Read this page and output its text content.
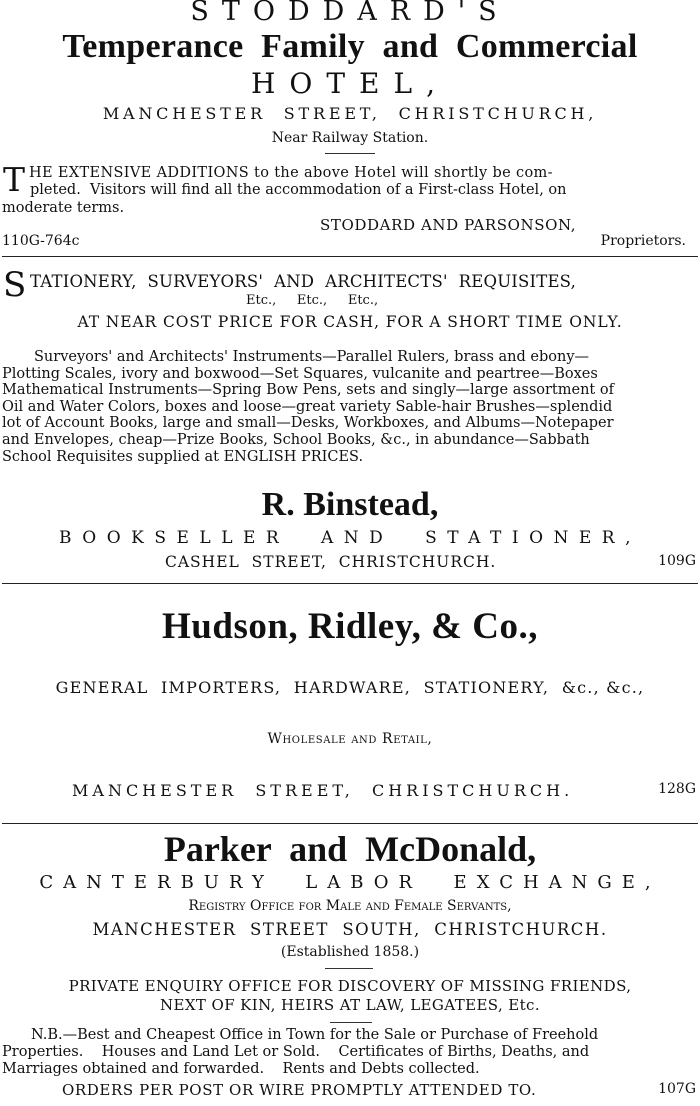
STODDARD'S
Temperance  Family  and  Commercial
HOTEL,
MANCHESTER  STREET,  CHRISTCHURCH,
Near Railway Station.
T HE EXTENSIVE ADDITIONS to the above Hotel will shortly be com-
pleted.  Visitors will find all the accommodation of a First-class Hotel, on
moderate terms.
STODDARD AND PARSONSON,
110G-764c	Proprietors.
S TATIONERY,  SURVEYORS'  AND  ARCHITECTS'  REQUISITES,
Etc.,     Etc.,     Etc.,
AT NEAR COST PRICE FOR CASH, FOR A SHORT TIME ONLY.
Surveyors' and Architects' Instruments—Parallel Rulers, brass and ebony—
Plotting Scales, ivory and boxwood—Set Squares, vulcanite and peartree—Boxes
Mathematical Instruments—Spring Bow Pens, sets and singly—large assortment of
Oil and Water Colors, boxes and loose—great variety Sable-hair Brushes—splendid
lot of Account Books, large and small—Desks, Workboxes, and Albums—Notepaper
and Envelopes, cheap—Prize Books, School Books, &c., in abundance—Sabbath
School Requisites supplied at ENGLISH PRICES.
R. Binstead,
BOOKSELLER  AND  STATIONER,
CASHEL  STREET,  CHRISTCHURCH.	109G
Hudson, Ridley, & Co.,
GENERAL  IMPORTERS,  HARDWARE,  STATIONERY,  &c., &c.,
Wholesale and Retail,
MANCHESTER  STREET,  CHRISTCHURCH.	128G
Parker  and  McDonald,
CANTERBURY  LABOR  EXCHANGE,
Registry Office for Male and Female Servants,
MANCHESTER  STREET  SOUTH,  CHRISTCHURCH.
(Established 1858.)
PRIVATE ENQUIRY OFFICE FOR DISCOVERY OF MISSING FRIENDS,
NEXT OF KIN, HEIRS AT LAW, LEGATEES, Etc.
N.B.—Best and Cheapest Office in Town for the Sale or Purchase of Freehold
Properties.    Houses and Land Let or Sold.    Certificates of Births, Deaths, and
Marriages obtained and forwarded.    Rents and Debts collected.
ORDERS PER POST OR WIRE PROMPTLY ATTENDED TO.	107G
